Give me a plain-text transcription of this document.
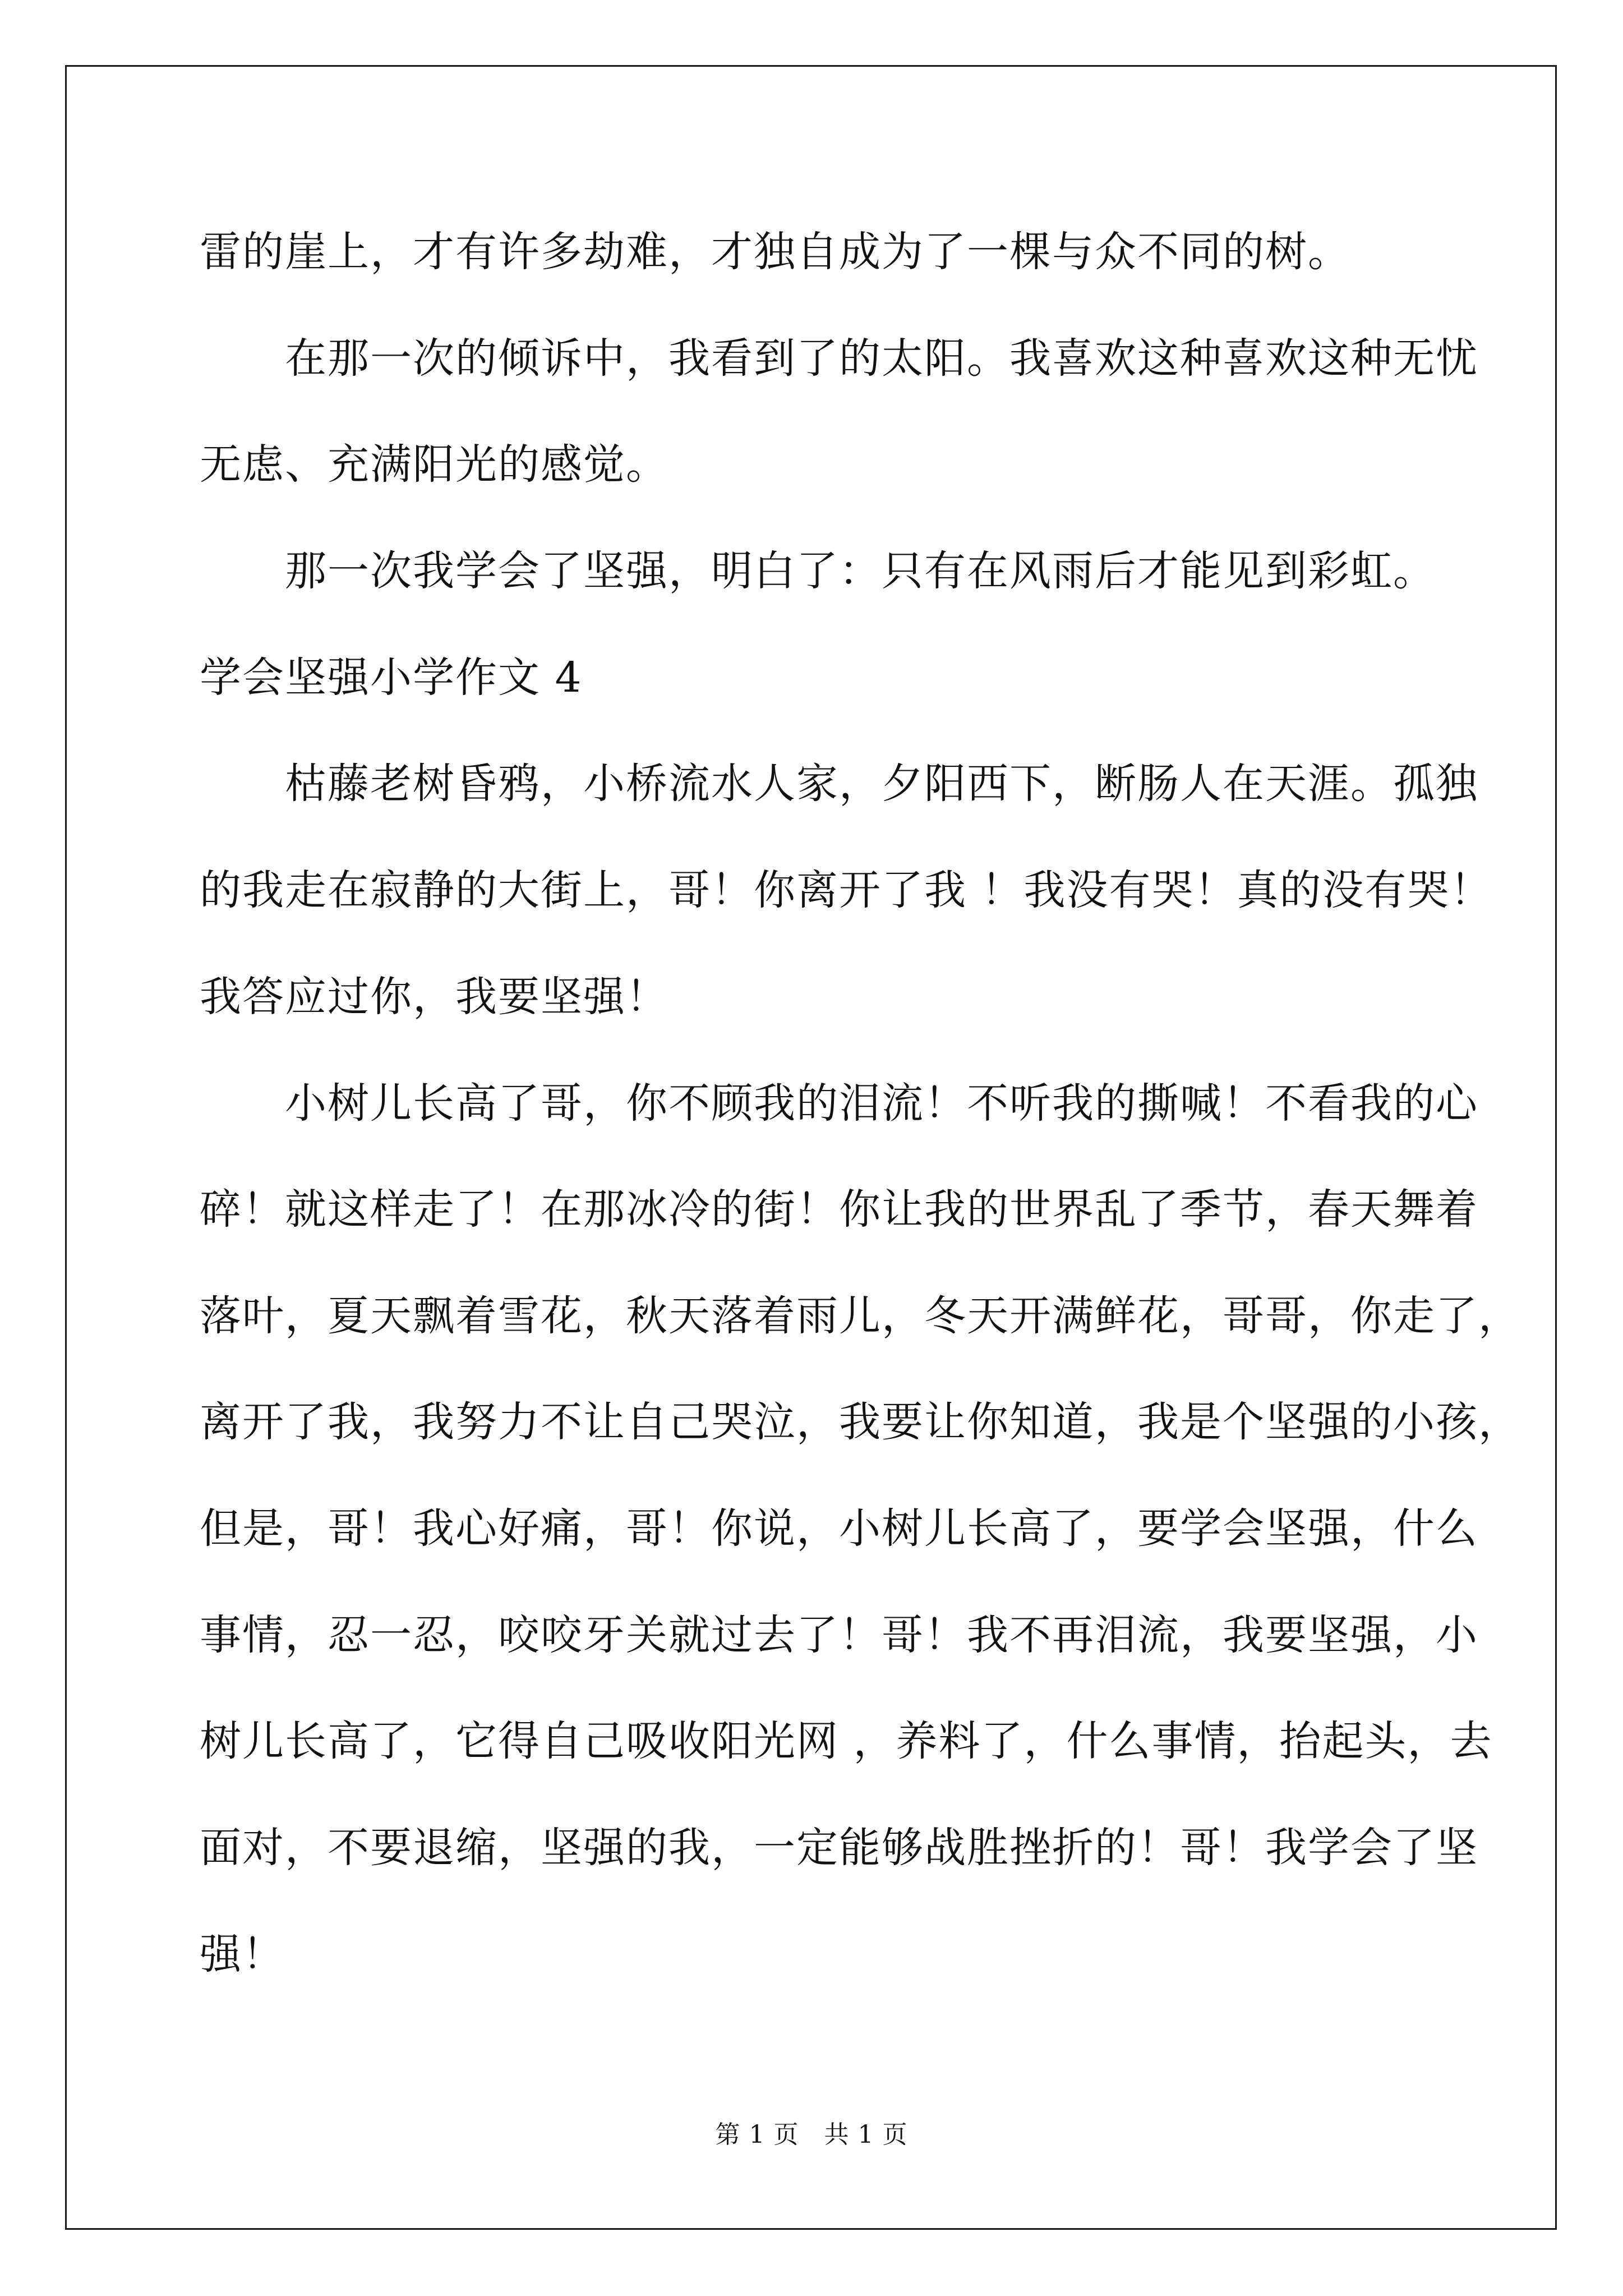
雷的崖上，才有许多劫难，才独自成为了一棵与众不同的树。
　　在那一次的倾诉中，我看到了的太阳。我喜欢这种喜欢这种无忧
无虑、充满阳光的感觉。
　　那一次我学会了坚强，明白了：只有在风雨后才能见到彩虹。
学会坚强小学作文 4
　　枯藤老树昏鸦，小桥流水人家，夕阳西下，断肠人在天涯。孤独
的我走在寂静的大街上，哥！你离开了我 ！我没有哭！真的没有哭！
我答应过你，我要坚强！
　　小树儿长高了哥，你不顾我的泪流！不听我的撕喊！不看我的心
碎！就这样走了！在那冰冷的街！你让我的世界乱了季节，春天舞着
落叶，夏天飘着雪花，秋天落着雨儿，冬天开满鲜花，哥哥，你走了，
离开了我，我努力不让自己哭泣，我要让你知道，我是个坚强的小孩，
但是，哥！我心好痛，哥！你说，小树儿长高了，要学会坚强，什么
事情，忍一忍，咬咬牙关就过去了！哥！我不再泪流，我要坚强，小
树儿长高了，它得自己吸收阳光网 ，养料了，什么事情，抬起头，去
面对，不要退缩，坚强的我，一定能够战胜挫折的！哥！我学会了坚
强！
第 1 页　共 1 页
